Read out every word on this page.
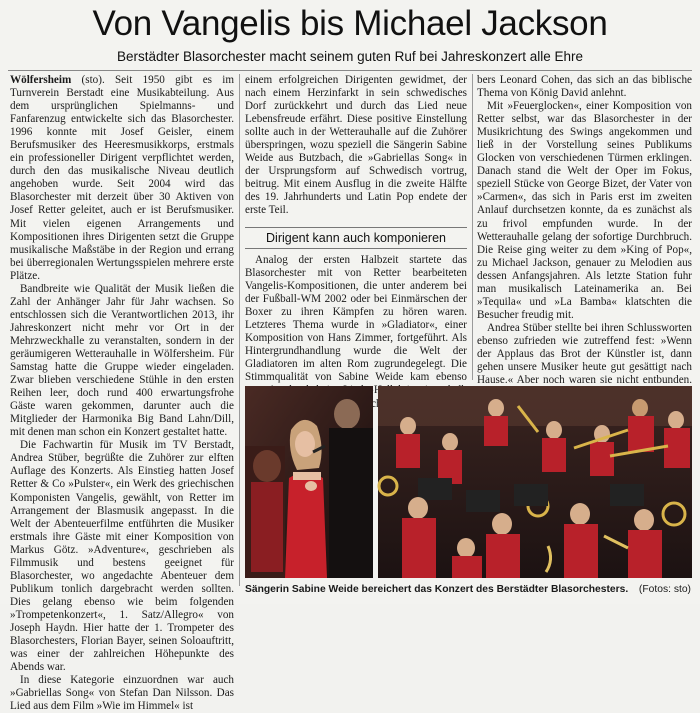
Von Vangelis bis Michael Jackson
Berstädter Blasorchester macht seinem guten Ruf bei Jahreskonzert alle Ehre

Wölfersheim (sto). Seit 1950 gibt es im Turnverein Berstadt eine Musikabteilung. Aus dem ursprünglichen Spielmanns- und Fanfarenzug entwickelte sich das Blasorchester. 1996 konnte mit Josef Geisler, einem Berufsmusiker des Heeresmusikkorps, erstmals ein professioneller Dirigent verpflichtet werden, durch den das musikalische Niveau deutlich angehoben wurde. Seit 2004 wird das Blasorchester mit derzeit über 30 Aktiven von Josef Retter geleitet, auch er ist Berufsmusiker. Mit vielen eigenen Arrangements und Kompositionen ihres Dirigenten setzt die Gruppe musikalische Maßstäbe in der Region und errang bei überregionalen Wertungsspielen mehrere erste Plätze.

Bandbreite wie Qualität der Musik ließen die Zahl der Anhänger Jahr für Jahr wachsen. So entschlossen sich die Verantwortlichen 2013, ihr Jahreskonzert nicht mehr vor Ort in der Mehrzweckhalle zu veranstalten, sondern in der geräumigeren Wetterauhalle in Wölfersheim. Für Samstag hatte die Gruppe wieder eingeladen. Zwar blieben verschiedene Stühle in den ersten Reihen leer, doch rund 400 erwartungsfrohe Gäste waren gekommen, darunter auch die Mitglieder der Harmonika Big Band Lahn/Dill, mit denen man schon ein Konzert gestaltet hatte.

Die Fachwartin für Musik im TV Berstadt, Andrea Stüber, begrüßte die Zuhörer zur elften Auflage des Konzerts. Als Einstieg hatten Josef Retter & Co »Pulster«, ein Werk des griechischen Komponisten Vangelis, gewählt, von Retter im Arrangement der Blasmusik angepasst. In die Welt der Abenteuerfilme entführten die Musiker erstmals ihre Gäste mit einer Komposition von Markus Götz. »Adventure«, geschrieben als Filmmusik und bestens geeignet für Blasorchester, wo angedachte Abenteuer dem Publikum tonlich dargebracht werden sollten. Dies gelang ebenso wie beim folgenden »Trompetenkonzert«, 1. Satz/Allegro« von Joseph Haydn. Hier hatte der 1. Trompeter des Blasorchesters, Florian Bayer, seinen Soloauftritt, was einer der zahlreichen Höhepunkte des Abends war.

In diese Kategorie einzuordnen war auch »Gabriellas Song« von Stefan Dan Nilsson. Das Lied aus dem Film »Wie im Himmel« ist

einem erfolgreichen Dirigenten gewidmet, der nach einem Herzinfarkt in sein schwedisches Dorf zurückkehrt und durch das Lied neue Lebensfreude erfährt. Diese positive Einstellung sollte auch in der Wetterauhalle auf die Zuhörer überspringen, wozu speziell die Sängerin Sabine Weide aus Butzbach, die »Gabriellas Song« in der Ursprungsform auf Schwedisch vortrug, beitrug. Mit einem Ausflug in die zweite Hälfte des 19. Jahrhunderts und Latin Pop endete der erste Teil.

Dirigent kann auch komponieren

Analog der ersten Halbzeit startete das Blasorchester mit von Retter bearbeiteten Vangelis-Kompositionen, die unter anderem bei der Fußball-WM 2002 oder bei Einmärschen der Boxer zu ihren Kämpfen zu hören waren. Letzteres Thema wurde in »Gladiator«, einer Komposition von Hans Zimmer, fortgeführt. Als Hintergrundhandlung wurde die Welt der Gladiatoren im alten Rom zugrundegelegt. Die Stimmqualität von Sabine Weide kam ebenso

bers Leonard Cohen, das sich an das biblische Thema von König David anlehnt.

Mit »Feuerglocken«, einer Komposition von Retter selbst, war das Blasorchester in der Musikrichtung des Swings angekommen und ließ in der Vorstellung seines Publikums Glocken von verschiedenen Türmen erklingen. Danach stand die Welt der Oper im Fokus, speziell Stücke von George Bizet, der Vater von »Carmen«, das sich in Paris erst im zweiten Anlauf durchsetzen konnte, da es zunächst als zu frivol empfunden wurde. In der Wetterauhalle gelang der sofortige Durchbruch. Die Reise ging weiter zu dem »King of Pop«, zu Michael Jackson, genauer zu Melodien aus dessen Anfangsjahren. Als letzte Station fuhr man musikalisch Lateinamerika an. Bei »Tequila« und »La Bamba« klatschten die Besucher freudig mit.

Andrea Stüber stellte bei ihren Schlussworten ebenso zufrieden wie zutreffend fest: »Wenn der Applaus das Brot der Künstler ist, dann gehen unsere Musiker heute gut gesättigt nach Hause.« Aber noch waren sie nicht entbunden.

Sängerin Sabine Weide bereichert das Konzert des Berstädter Blasorchesters. (Fotos: sto)
